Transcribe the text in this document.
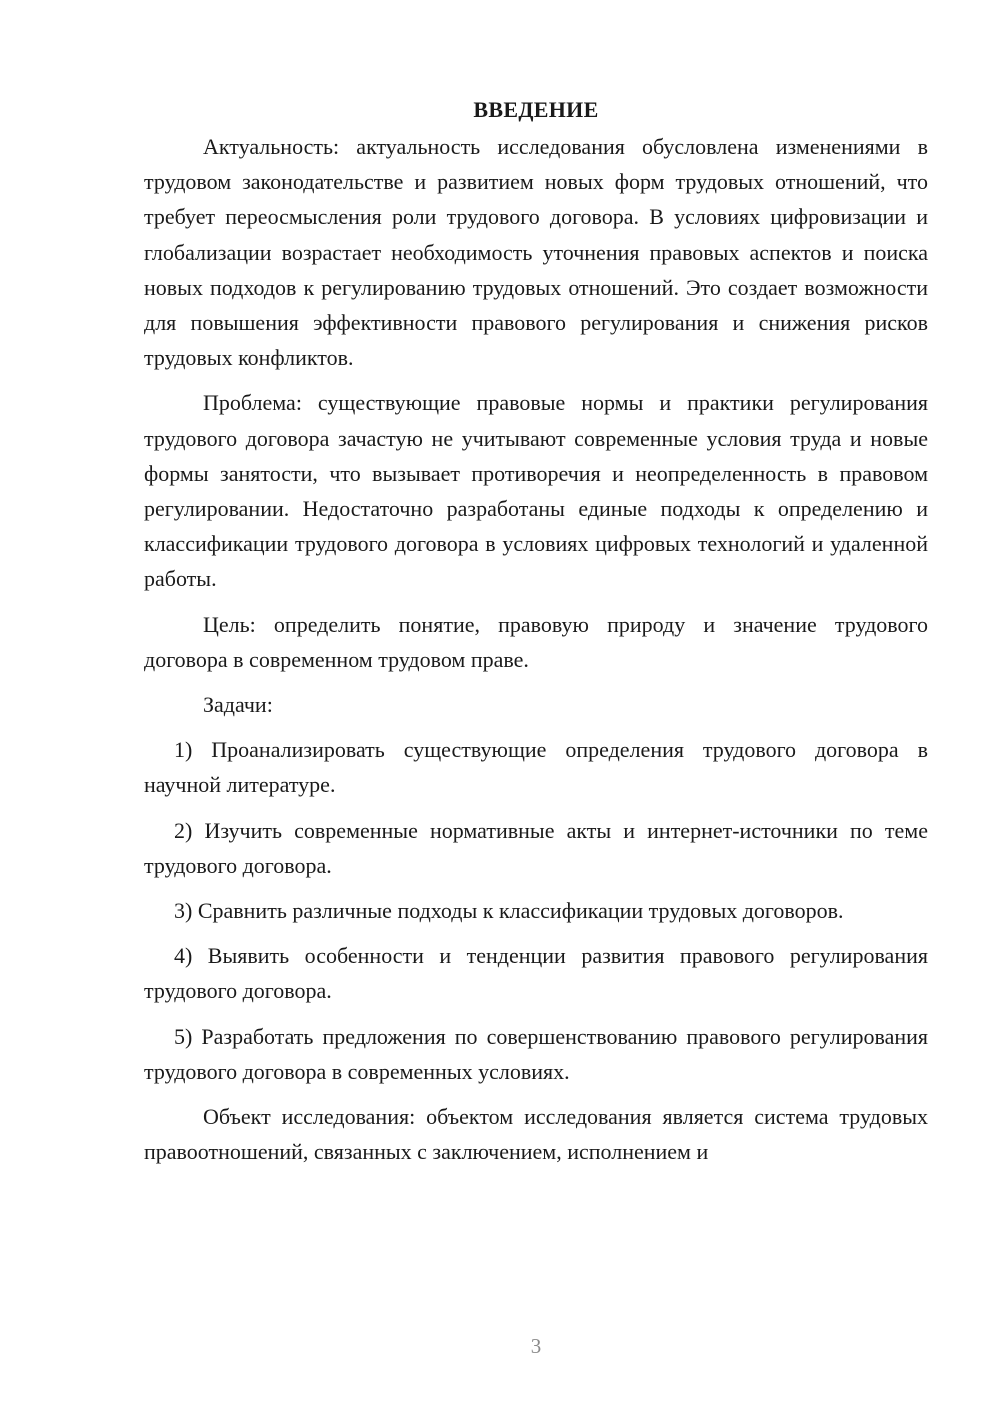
ВВЕДЕНИЕ

Актуальность: актуальность исследования обусловлена изменениями в трудовом законодательстве и развитием новых форм трудовых отношений, что требует переосмысления роли трудового договора. В условиях цифровизации и глобализации возрастает необходимость уточнения правовых аспектов и поиска новых подходов к регулированию трудовых отношений. Это создает возможности для повышения эффективности правового регулирования и снижения рисков трудовых конфликтов.

Проблема: существующие правовые нормы и практики регулирования трудового договора зачастую не учитывают современные условия труда и новые формы занятости, что вызывает противоречия и неопределенность в правовом регулировании. Недостаточно разработаны единые подходы к определению и классификации трудового договора в условиях цифровых технологий и удаленной работы.

Цель: определить понятие, правовую природу и значение трудового договора в современном трудовом праве.

Задачи:

1) Проанализировать существующие определения трудового договора в научной литературе.

2) Изучить современные нормативные акты и интернет-источники по теме трудового договора.

3) Сравнить различные подходы к классификации трудовых договоров.

4) Выявить особенности и тенденции развития правового регулирования трудового договора.

5) Разработать предложения по совершенствованию правового регулирования трудового договора в современных условиях.

Объект исследования: объектом исследования является система трудовых правоотношений, связанных с заключением, исполнением и

3
